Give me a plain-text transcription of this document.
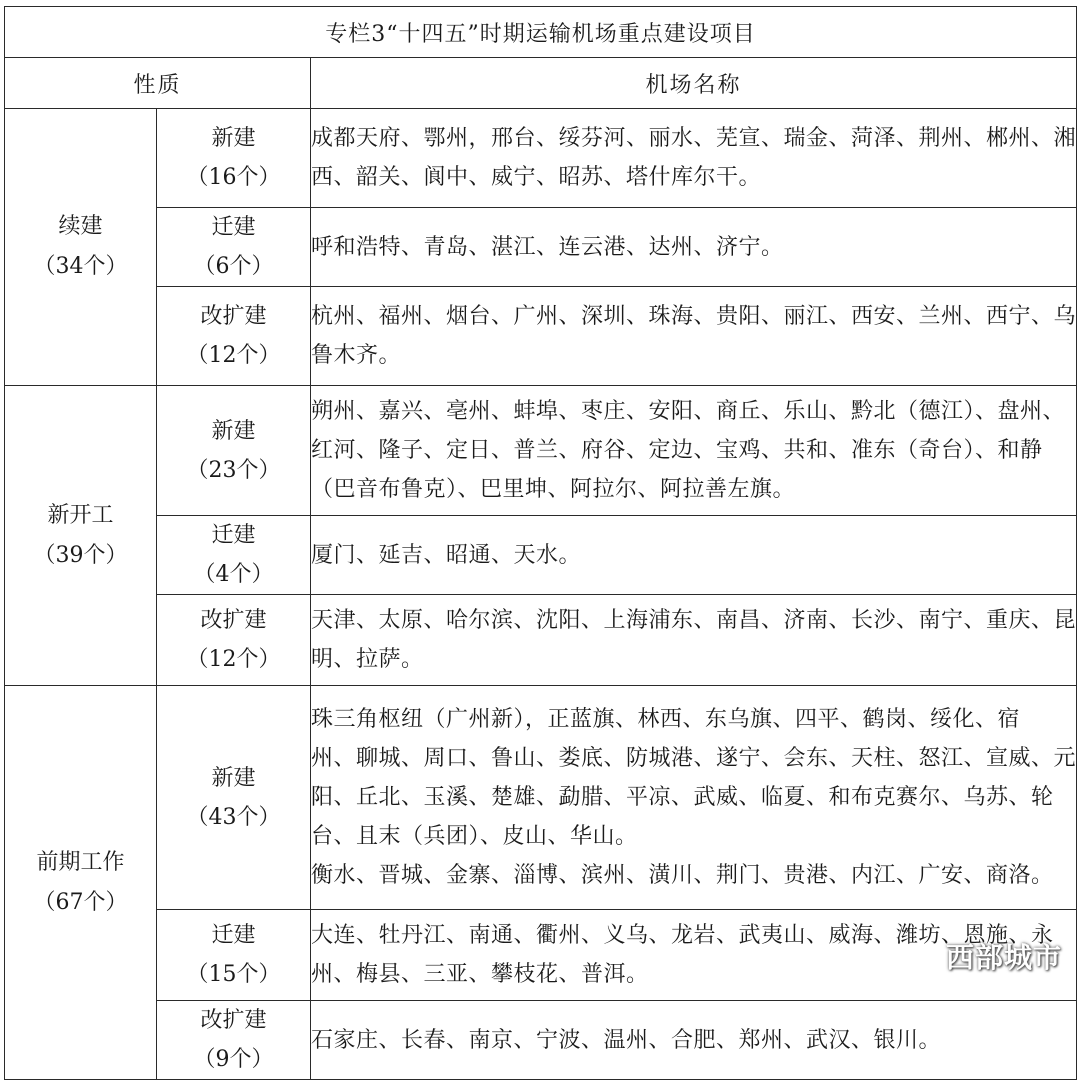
专栏3“十四五”时期运输机场重点建设项目		
性质		机场名称

续建
（34个）	新建
（16个）	成都天府、鄂州，邢台、绥芬河、丽水、芜宣、瑞金、菏泽、荆州、郴州、湘
西、韶关、阆中、威宁、昭苏、塔什库尔干。

	迁建
（6个）	呼和浩特、青岛、湛江、连云港、达州、济宁。

	改扩建
（12个）	杭州、福州、烟台、广州、深圳、珠海、贵阳、丽江、西安、兰州、西宁、乌
鲁木齐。

新开工
（39个）	新建
（23个）	朔州、嘉兴、亳州、蚌埠、枣庄、安阳、商丘、乐山、黔北（德江）、盘州、
红河、隆子、定日、普兰、府谷、定边、宝鸡、共和、准东（奇台）、和静
（巴音布鲁克）、巴里坤、阿拉尔、阿拉善左旗。

	迁建
（4个）	厦门、延吉、昭通、天水。

	改扩建
（12个）	天津、太原、哈尔滨、沈阳、上海浦东、南昌、济南、长沙、南宁、重庆、昆
明、拉萨。

前期工作
（67个）	新建
（43个）	珠三角枢纽（广州新），正蓝旗、林西、东乌旗、四平、鹤岗、绥化、宿
州、聊城、周口、鲁山、娄底、防城港、遂宁、会东、天柱、怒江、宣威、元
阳、丘北、玉溪、楚雄、勐腊、平凉、武威、临夏、和布克赛尔、乌苏、轮
台、且末（兵团）、皮山、华山。
衡水、晋城、金寨、淄博、滨州、潢川、荆门、贵港、内江、广安、商洛。

	迁建
（15个）	大连、牡丹江、南通、衢州、义乌、龙岩、武夷山、威海、潍坊、恩施、永
州、梅县、三亚、攀枝花、普洱。

	改扩建
（9个）	石家庄、长春、南京、宁波、温州、合肥、郑州、武汉、银川。
西部城市
